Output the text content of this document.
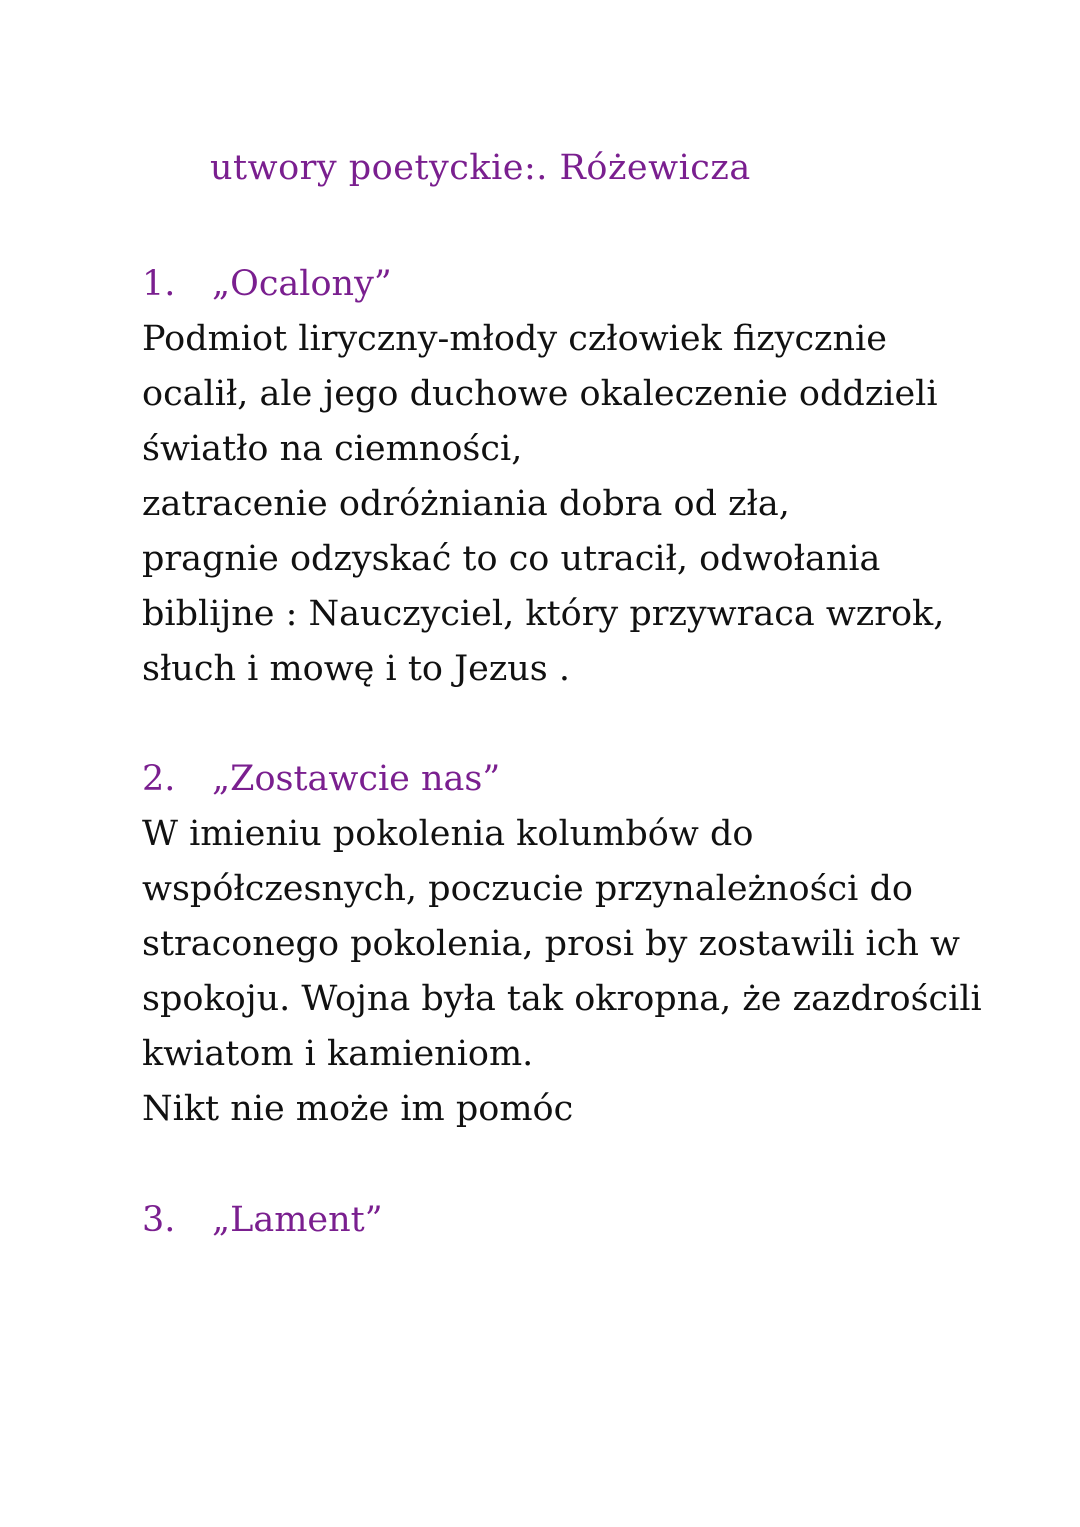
utwory poetyckie:. Różewicza
1. „Ocalony”
Podmiot liryczny-młody człowiek fizycznie
ocalił, ale jego duchowe okaleczenie oddzieli
światło na ciemności,
zatracenie odróżniania dobra od zła,
pragnie odzyskać to co utracił, odwołania
biblijne : Nauczyciel, który przywraca wzrok,
słuch i mowę i to Jezus .
2. „Zostawcie nas”
W imieniu pokolenia kolumbów do
współczesnych, poczucie przynależności do
straconego pokolenia, prosi by zostawili ich w
spokoju. Wojna była tak okropna, że zazdrościli
kwiatom i kamieniom.
Nikt nie może im pomóc
3. „Lament”
